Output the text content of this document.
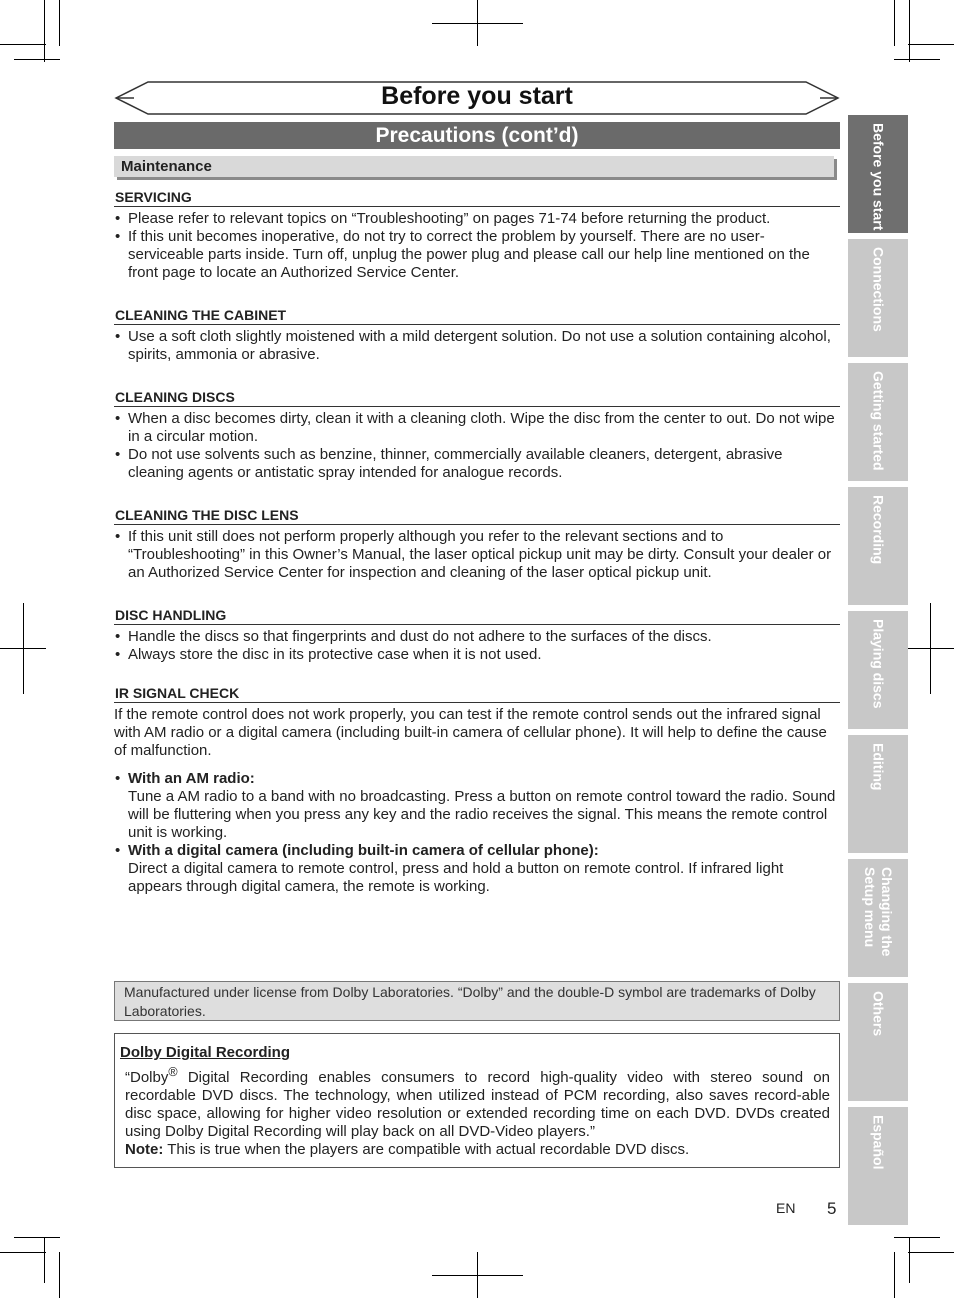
Before you start
Precautions (cont’d)
Maintenance
SERVICING
• Please refer to relevant topics on “Troubleshooting” on pages 71-74 before returning the product.
• If this unit becomes inoperative, do not try to correct the problem by yourself. There are no user-serviceable parts inside. Turn off, unplug the power plug and please call our help line mentioned on the front page to locate an Authorized Service Center.
CLEANING THE CABINET
• Use a soft cloth slightly moistened with a mild detergent solution. Do not use a solution containing alcohol, spirits, ammonia or abrasive.
CLEANING DISCS
• When a disc becomes dirty, clean it with a cleaning cloth. Wipe the disc from the center to out. Do not wipe in a circular motion.
• Do not use solvents such as benzine, thinner, commercially available cleaners, detergent, abrasive cleaning agents or antistatic spray intended for analogue records.
CLEANING THE DISC LENS
• If this unit still does not perform properly although you refer to the relevant sections and to “Troubleshooting” in this Owner’s Manual, the laser optical pickup unit may be dirty. Consult your dealer or an Authorized Service Center for inspection and cleaning of the laser optical pickup unit.
DISC HANDLING
• Handle the discs so that fingerprints and dust do not adhere to the surfaces of the discs.
• Always store the disc in its protective case when it is not used.
IR SIGNAL CHECK

If the remote control does not work properly, you can test if the remote control sends out the infrared signal with AM radio or a digital camera (including built-in camera of cellular phone). It will help to define the cause of malfunction.

• With an AM radio:
Tune a AM radio to a band with no broadcasting. Press a button on remote control toward the radio. Sound will be fluttering when you press any key and the radio receives the signal. This means the remote control unit is working.
• With a digital camera (including built-in camera of cellular phone):
Direct a digital camera to remote control, press and hold a button on remote control. If infrared light appears through digital camera, the remote is working.
Manufactured under license from Dolby Laboratories. “Dolby” and the double-D symbol are trademarks of Dolby Laboratories.
Dolby Digital Recording

“Dolby® Digital Recording enables consumers to record high-quality video with stereo sound on recordable DVD discs. The technology, when utilized instead of PCM recording, also saves record-able disc space, allowing for higher video resolution or extended recording time on each DVD. DVDs created using Dolby Digital Recording will play back on all DVD-Video players.”

Note: This is true when the players are compatible with actual recordable DVD discs.

Before you start
Connections
Getting started
Recording
Playing discs
Editing
Changing the
Setup menu
Others
Español
EN 5
